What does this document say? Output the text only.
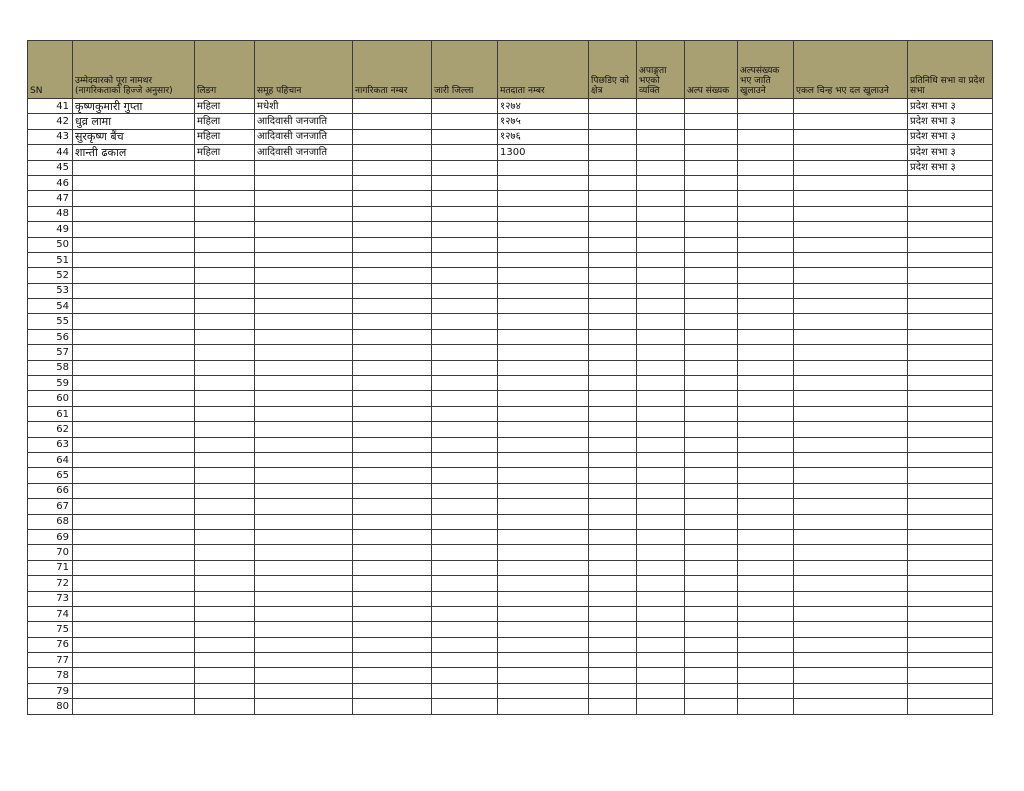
SN	उम्मेदवारको पूरा नामथर (नागरिकताको हिज्जे अनुसार)	लिङग	समूह पहिचान	नागरिकता नम्बर	जारी जिल्ला	मतदाता नम्बर	पिछडिए को क्षेत्र	अपाङ्गता भएको व्यक्ति	अल्प संख्यक	अल्पसंख्यक भए जाति खुलाउने	एकल चिन्ह भए दल खुलाउने	प्रतिनिधि सभा वा प्रदेश सभा
41	कृष्णकुमारी गुप्ता	महिला	मधेशी			१२७४						प्रदेश सभा ३
42	धुव्र लामा	महिला	आदिवासी जनजाति			१२७५						प्रदेश सभा ३
43	सुरकृष्ण बैंच	महिला	आदिवासी जनजाति			१२७६						प्रदेश सभा ३
44	शान्ती ढकाल	महिला	आदिवासी जनजाति			1300						प्रदेश सभा ३
45												प्रदेश सभा ३
46												
47												
48												
49												
50												
51												
52												
53												
54												
55												
56												
57												
58												
59												
60												
61												
62												
63												
64												
65												
66												
67												
68												
69												
70												
71												
72												
73												
74												
75												
76												
77												
78												
79												
80												
